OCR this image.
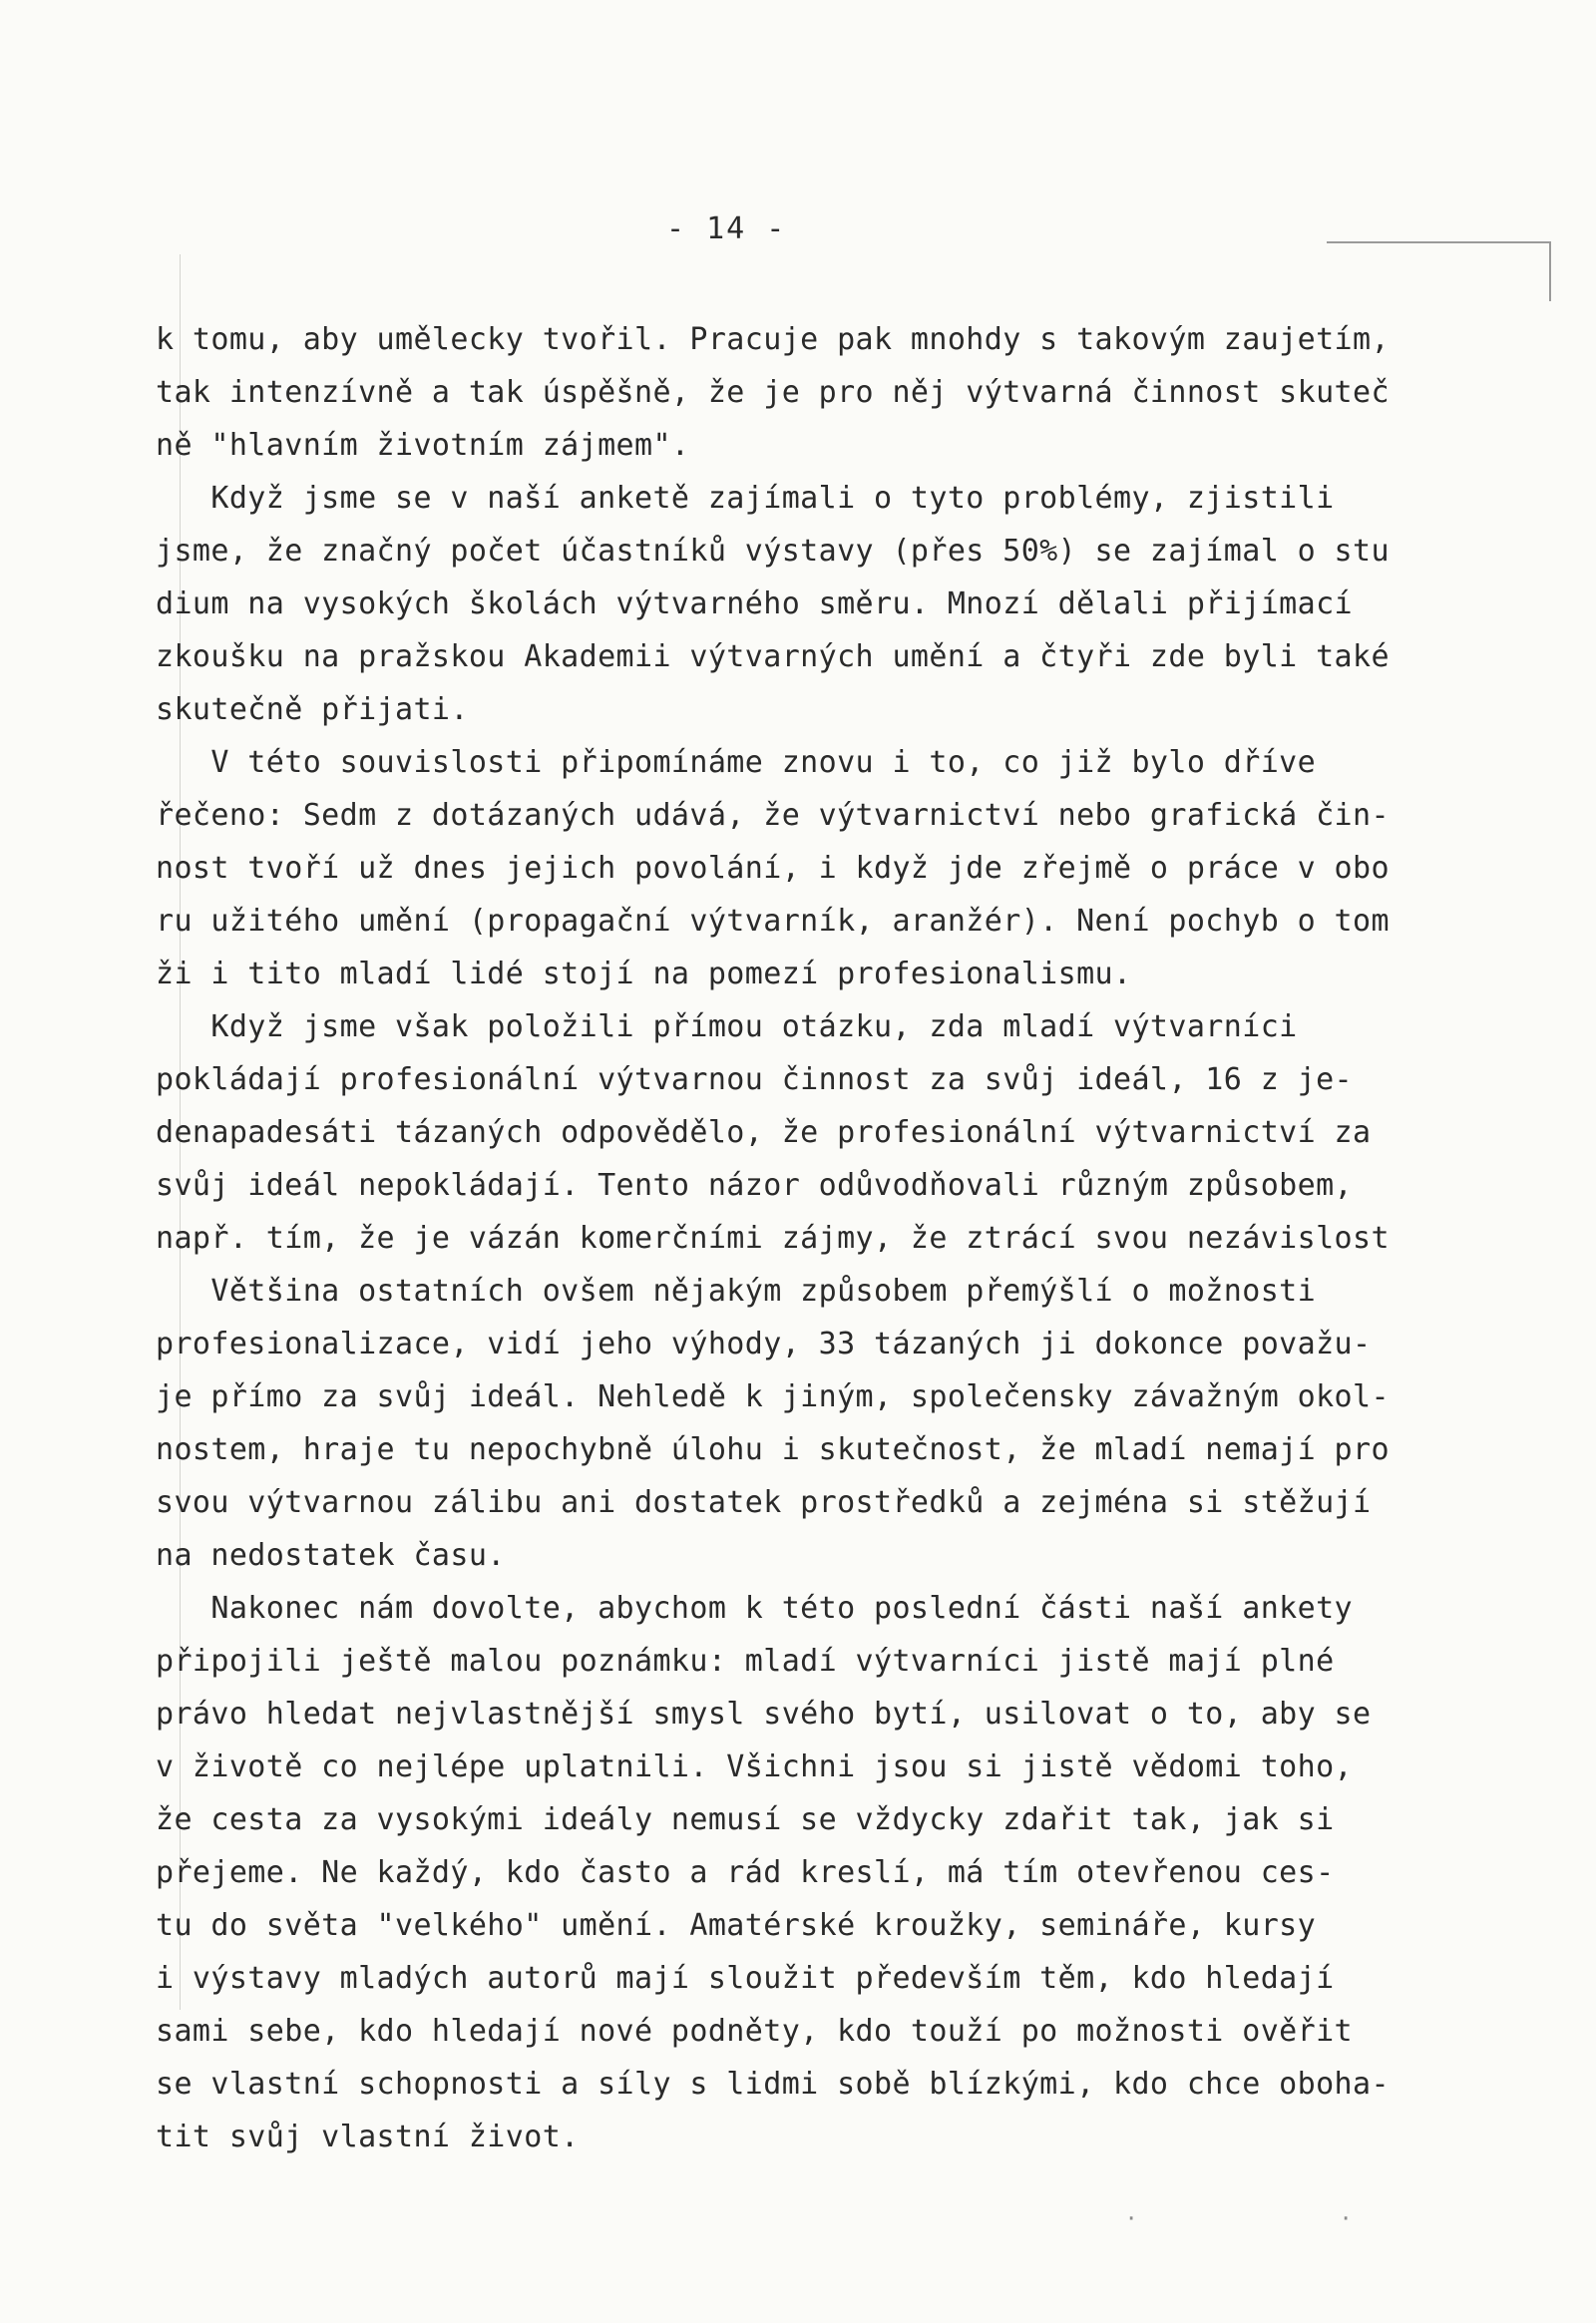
- 14 -
k tomu, aby umělecky tvořil. Pracuje pak mnohdy s takovým zaujetím,
tak intenzívně a tak úspěšně, že je pro něj výtvarná činnost skuteč
ně "hlavním životním zájmem".
Když jsme se v naší anketě zajímali o tyto problémy, zjistili
jsme, že značný počet účastníků výstavy (přes 50%) se zajímal o stu
dium na vysokých školách výtvarného směru. Mnozí dělali přijímací
zkoušku na pražskou Akademii výtvarných umění a čtyři zde byli také
skutečně přijati.
V této souvislosti připomínáme znovu i to, co již bylo dříve
řečeno: Sedm z dotázaných udává, že výtvarnictví nebo grafická čin-
nost tvoří už dnes jejich povolání, i když jde zřejmě o práce v obo
ru užitého umění (propagační výtvarník, aranžér). Není pochyb o tom
ži i tito mladí lidé stojí na pomezí profesionalismu.
Když jsme však položili přímou otázku, zda mladí výtvarníci
pokládají profesionální výtvarnou činnost za svůj ideál, 16 z je-
denapadesáti tázaných odpovědělo, že profesionální výtvarnictví za
svůj ideál nepokládají. Tento názor odůvodňovali různým způsobem,
např. tím, že je vázán komerčními zájmy, že ztrácí svou nezávislost
Většina ostatních ovšem nějakým způsobem přemýšlí o možnosti
profesionalizace, vidí jeho výhody, 33 tázaných ji dokonce považu-
je přímo za svůj ideál. Nehledě k jiným, společensky závažným okol-
nostem, hraje tu nepochybně úlohu i skutečnost, že mladí nemají pro
svou výtvarnou zálibu ani dostatek prostředků a zejména si stěžují
na nedostatek času.
Nakonec nám dovolte, abychom k této poslední části naší ankety
připojili ještě malou poznámku: mladí výtvarníci jistě mají plné
právo hledat nejvlastnější smysl svého bytí, usilovat o to, aby se
v životě co nejlépe uplatnili. Všichni jsou si jistě vědomi toho,
že cesta za vysokými ideály nemusí se vždycky zdařit tak, jak si
přejeme. Ne každý, kdo často a rád kreslí, má tím otevřenou ces-
tu do světa "velkého" umění. Amatérské kroužky, semináře, kursy
i výstavy mladých autorů mají sloužit především těm, kdo hledají
sami sebe, kdo hledají nové podněty, kdo touží po možnosti ověřit
se vlastní schopnosti a síly s lidmi sobě blízkými, kdo chce oboha-
tit svůj vlastní život.
·	·
